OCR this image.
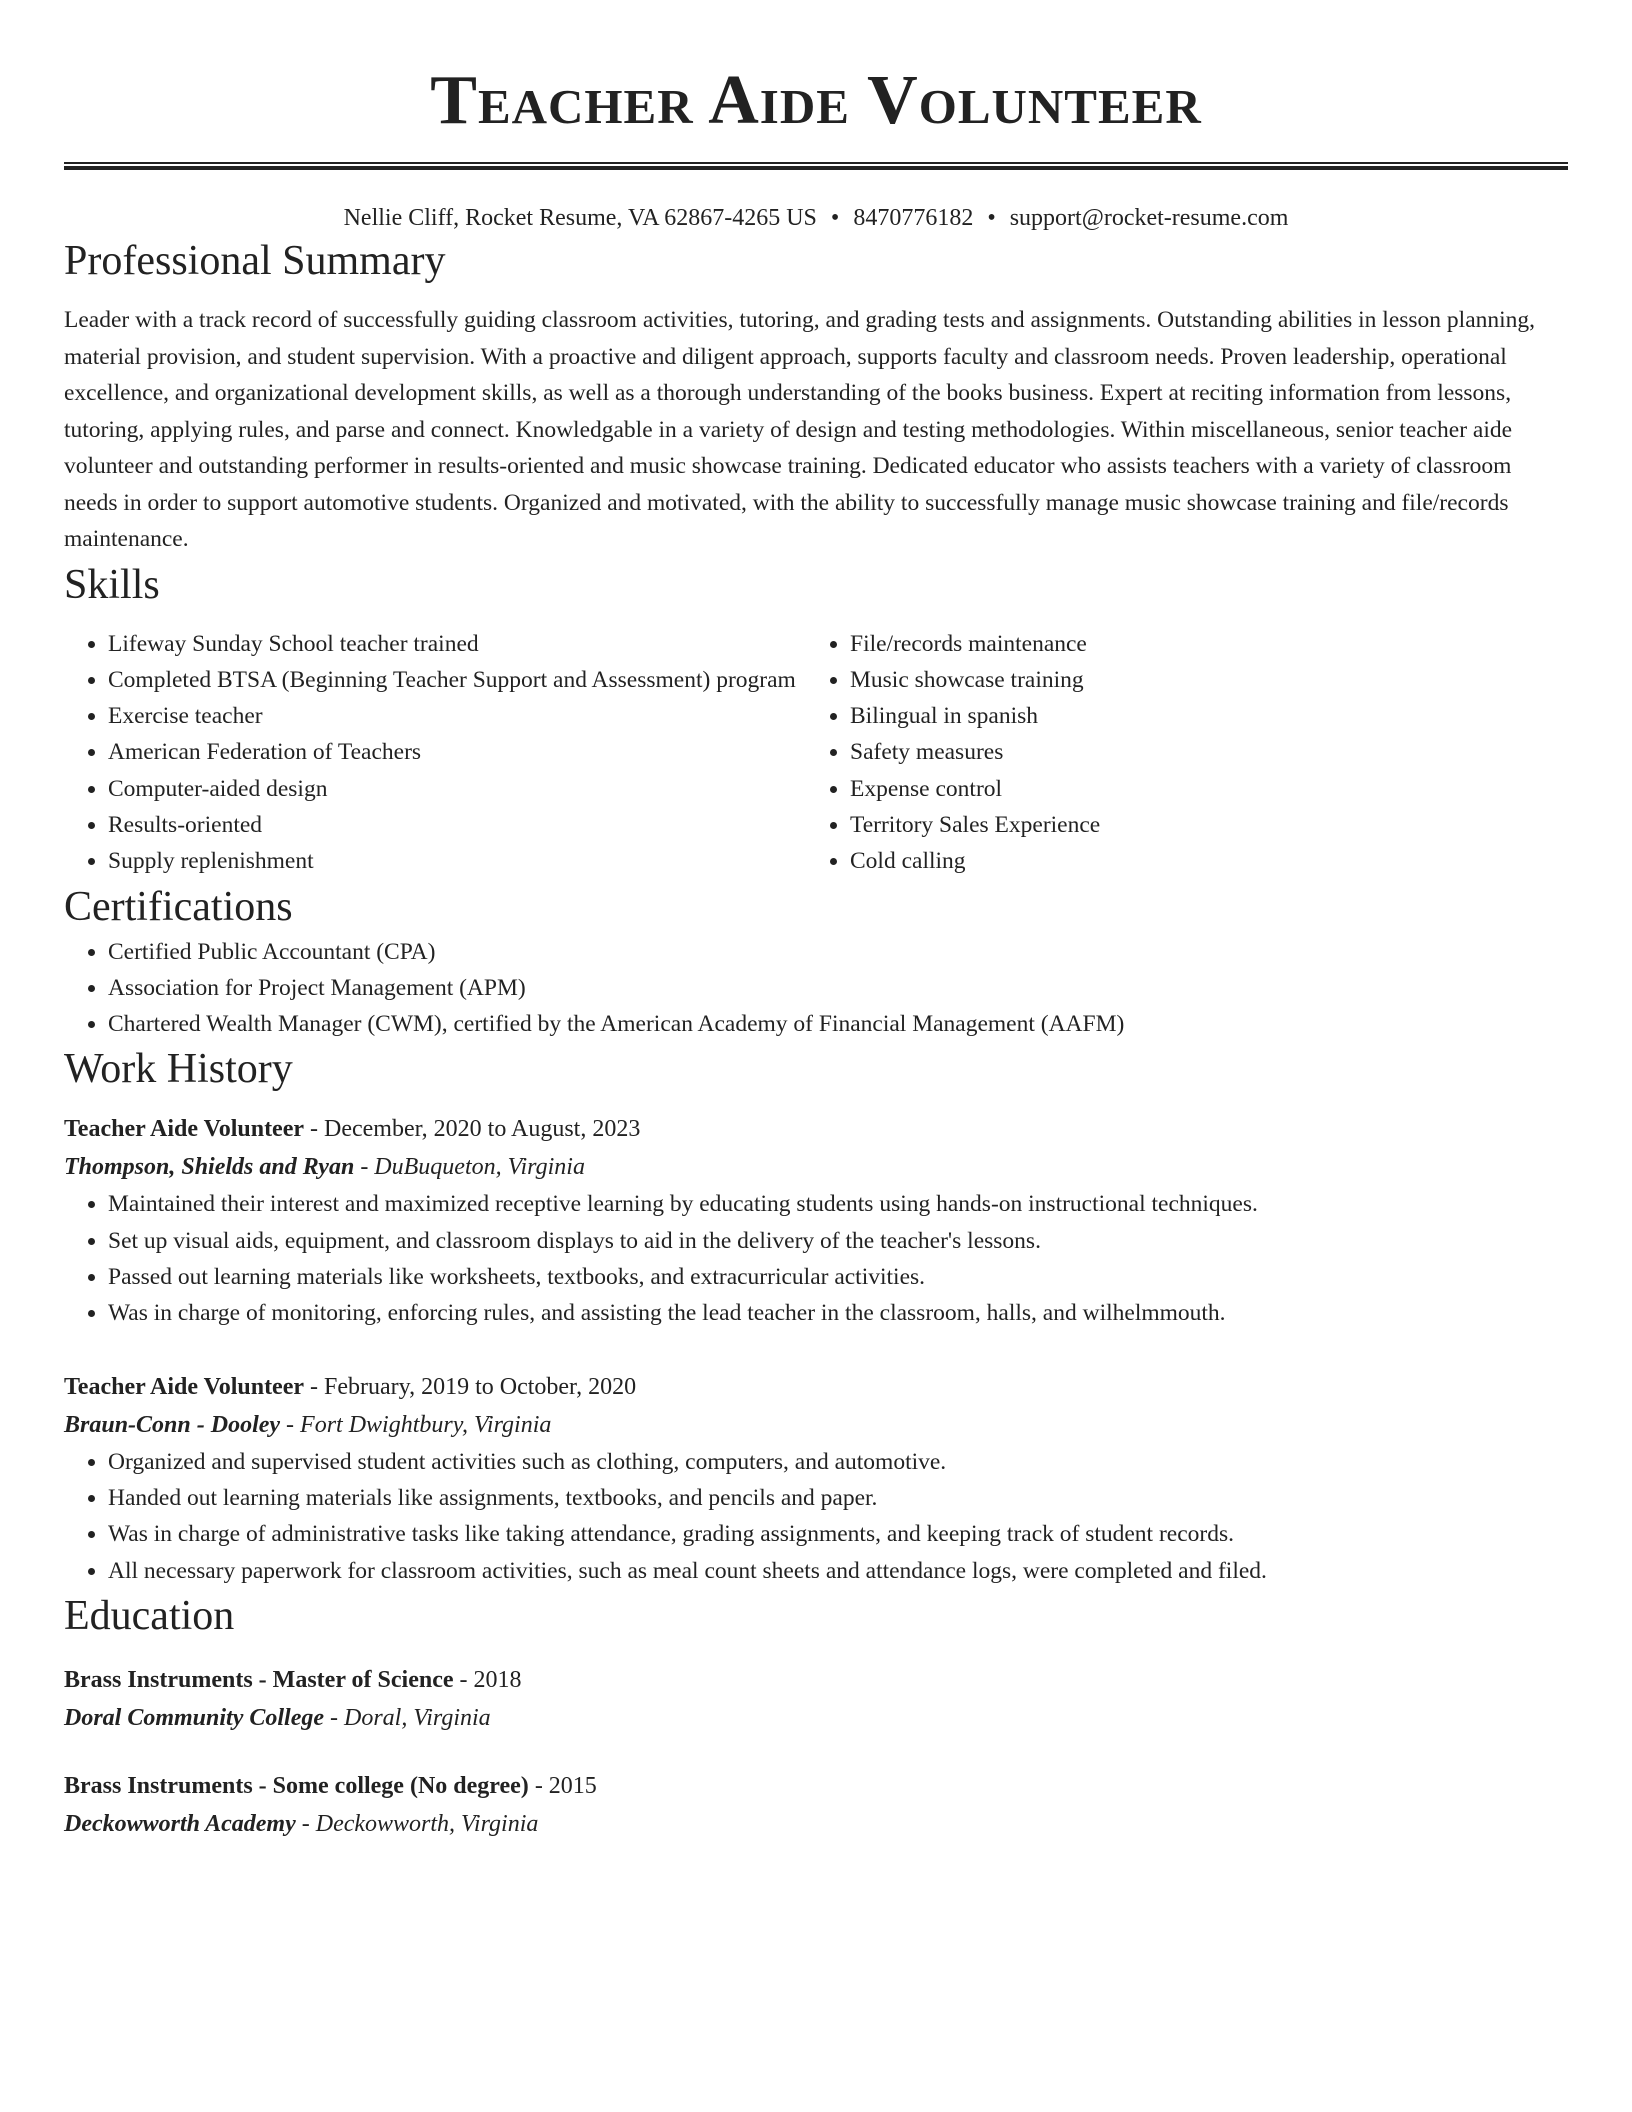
Teacher Aide Volunteer
Nellie Cliff, Rocket Resume, VA 62867-4265 US • 8470776182 • support@rocket-resume.com
Professional Summary
Leader with a track record of successfully guiding classroom activities, tutoring, and grading tests and assignments. Outstanding abilities in lesson planning, material provision, and student supervision. With a proactive and diligent approach, supports faculty and classroom needs. Proven leadership, operational excellence, and organizational development skills, as well as a thorough understanding of the books business. Expert at reciting information from lessons, tutoring, applying rules, and parse and connect. Knowledgable in a variety of design and testing methodologies. Within miscellaneous, senior teacher aide volunteer and outstanding performer in results-oriented and music showcase training. Dedicated educator who assists teachers with a variety of classroom needs in order to support automotive students. Organized and motivated, with the ability to successfully manage music showcase training and file/records maintenance.
Skills
• Lifeway Sunday School teacher trained
• Completed BTSA (Beginning Teacher Support and Assessment) program
• Exercise teacher
• American Federation of Teachers
• Computer-aided design
• Results-oriented
• Supply replenishment
• File/records maintenance
• Music showcase training
• Bilingual in spanish
• Safety measures
• Expense control
• Territory Sales Experience
• Cold calling
Certifications
• Certified Public Accountant (CPA)
• Association for Project Management (APM)
• Chartered Wealth Manager (CWM), certified by the American Academy of Financial Management (AAFM)
Work History
Teacher Aide Volunteer - December, 2020 to August, 2023
Thompson, Shields and Ryan - DuBuqueton, Virginia
• Maintained their interest and maximized receptive learning by educating students using hands-on instructional techniques.
• Set up visual aids, equipment, and classroom displays to aid in the delivery of the teacher's lessons.
• Passed out learning materials like worksheets, textbooks, and extracurricular activities.
• Was in charge of monitoring, enforcing rules, and assisting the lead teacher in the classroom, halls, and wilhelmmouth.
Teacher Aide Volunteer - February, 2019 to October, 2020
Braun-Conn - Dooley - Fort Dwightbury, Virginia
• Organized and supervised student activities such as clothing, computers, and automotive.
• Handed out learning materials like assignments, textbooks, and pencils and paper.
• Was in charge of administrative tasks like taking attendance, grading assignments, and keeping track of student records.
• All necessary paperwork for classroom activities, such as meal count sheets and attendance logs, were completed and filed.
Education
Brass Instruments - Master of Science - 2018
Doral Community College - Doral, Virginia
Brass Instruments - Some college (No degree) - 2015
Deckowworth Academy - Deckowworth, Virginia
